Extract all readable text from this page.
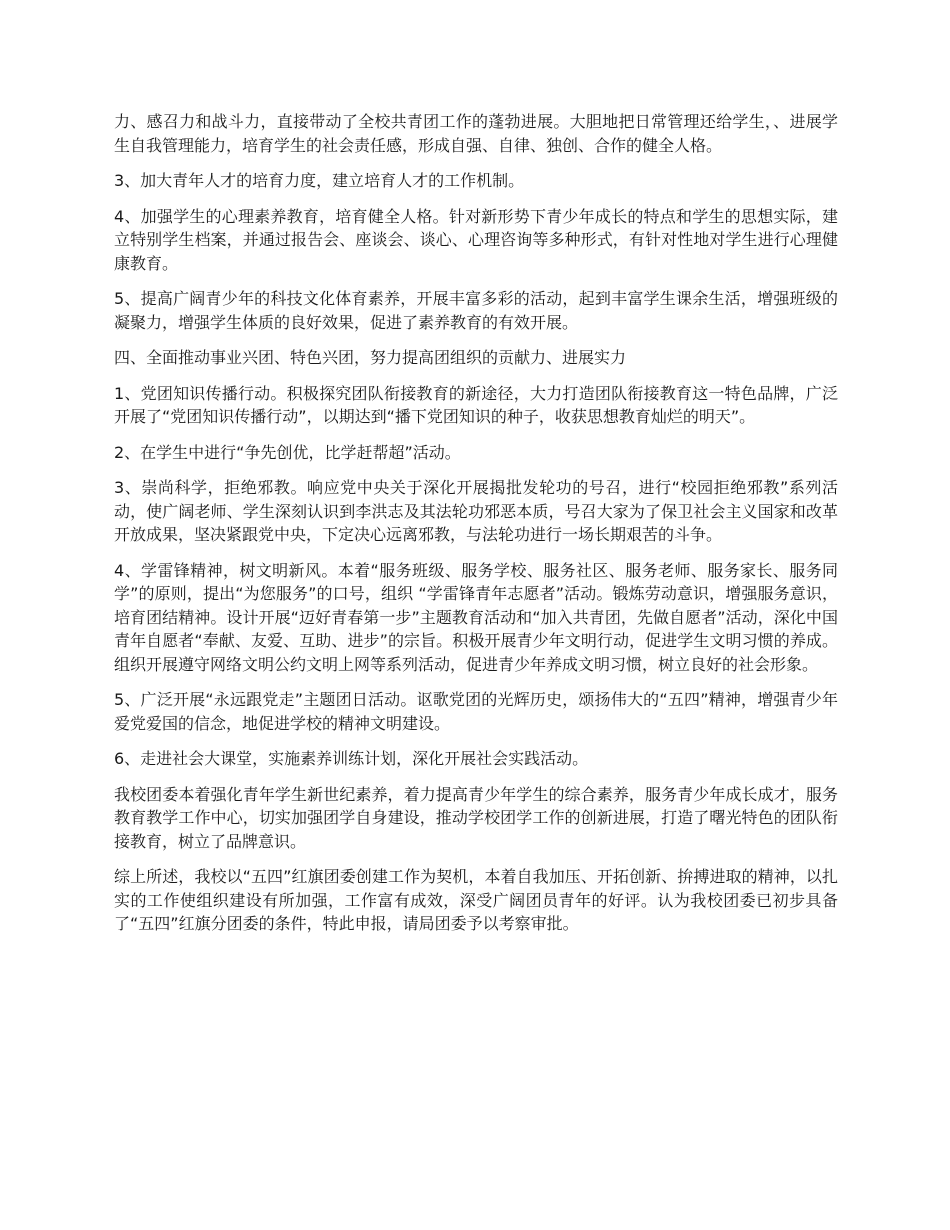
力、感召力和战斗力，直接带动了全校共青团工作的蓬勃进展。大胆地把日常管理还给学生，、进展学生自我管理能力，培育学生的社会责任感，形成自强、自律、独创、合作的健全人格。

3、加大青年人才的培育力度，建立培育人才的工作机制。

4、加强学生的心理素养教育，培育健全人格。针对新形势下青少年成长的特点和学生的思想实际，建立特别学生档案，并通过报告会、座谈会、谈心、心理咨询等多种形式，有针对性地对学生进行心理健康教育。

5、提高广阔青少年的科技文化体育素养，开展丰富多彩的活动，起到丰富学生课余生活，增强班级的凝聚力，增强学生体质的良好效果，促进了素养教育的有效开展。

四、全面推动事业兴团、特色兴团，努力提高团组织的贡献力、进展实力

1、党团知识传播行动。积极探究团队衔接教育的新途径，大力打造团队衔接教育这一特色品牌，广泛开展了“党团知识传播行动”，以期达到“播下党团知识的种子，收获思想教育灿烂的明天”。

2、在学生中进行“争先创优，比学赶帮超”活动。

3、崇尚科学，拒绝邪教。响应党中央关于深化开展揭批发轮功的号召，进行“校园拒绝邪教”系列活动，使广阔老师、学生深刻认识到李洪志及其法轮功邪恶本质，号召大家为了保卫社会主义国家和改革开放成果，坚决紧跟党中央，下定决心远离邪教，与法轮功进行一场长期艰苦的斗争。

4、学雷锋精神，树文明新风。本着“服务班级、服务学校、服务社区、服务老师、服务家长、服务同学”的原则，提出“为您服务”的口号，组织 “学雷锋青年志愿者”活动。锻炼劳动意识，增强服务意识，培育团结精神。设计开展“迈好青春第一步”主题教育活动和“加入共青团，先做自愿者”活动，深化中国青年自愿者“奉献、友爱、互助、进步”的宗旨。积极开展青少年文明行动，促进学生文明习惯的养成。组织开展遵守网络文明公约文明上网等系列活动，促进青少年养成文明习惯，树立良好的社会形象。

5、广泛开展“永远跟党走”主题团日活动。讴歌党团的光辉历史，颂扬伟大的“五四”精神，增强青少年爱党爱国的信念，地促进学校的精神文明建设。

6、走进社会大课堂，实施素养训练计划，深化开展社会实践活动。

我校团委本着强化青年学生新世纪素养，着力提高青少年学生的综合素养，服务青少年成长成才，服务教育教学工作中心，切实加强团学自身建设，推动学校团学工作的创新进展，打造了曙光特色的团队衔接教育，树立了品牌意识。

综上所述，我校以“五四”红旗团委创建工作为契机，本着自我加压、开拓创新、拚搏进取的精神，以扎实的工作使组织建设有所加强，工作富有成效，深受广阔团员青年的好评。认为我校团委已初步具备了“五四”红旗分团委的条件，特此申报，请局团委予以考察审批。
